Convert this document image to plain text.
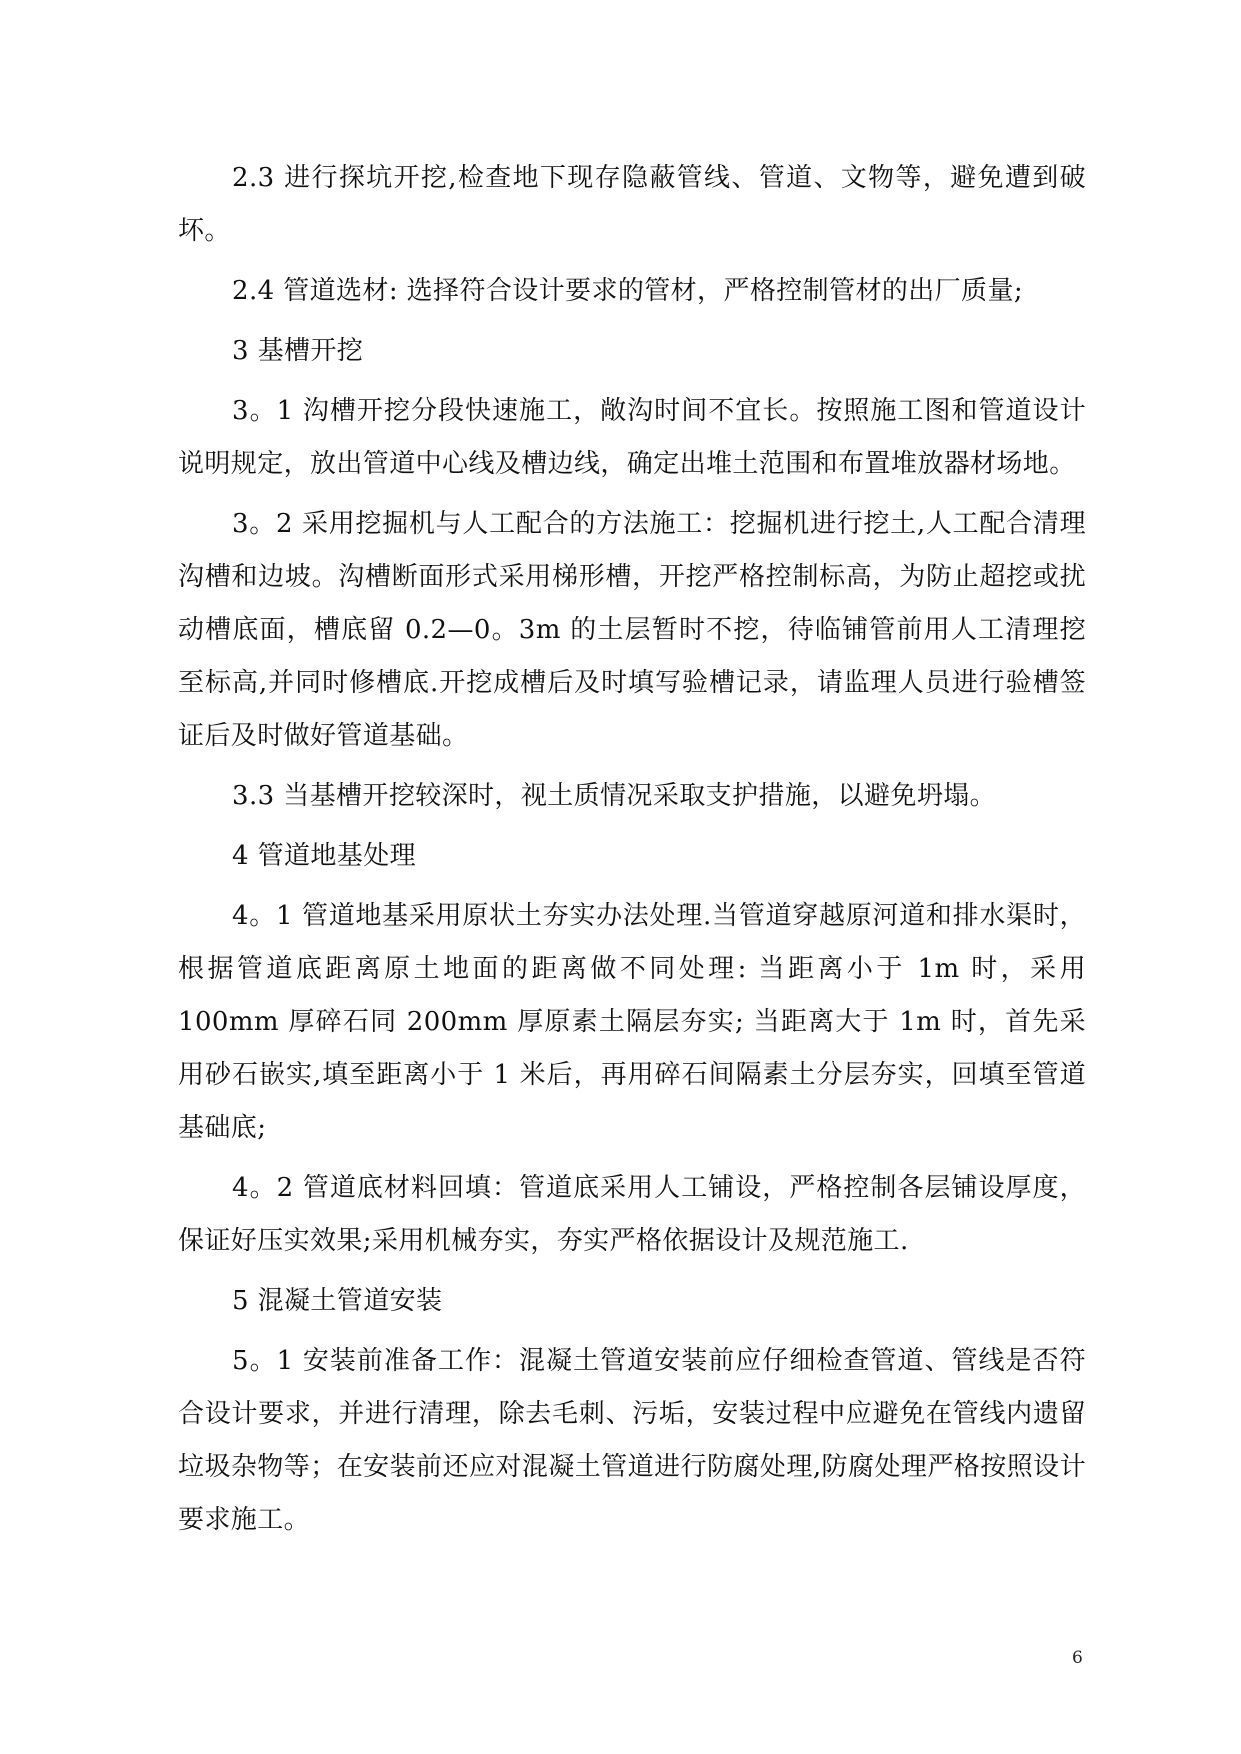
2.3 进行探坑开挖,检查地下现存隐蔽管线、管道、文物等，避免遭到破坏。

2.4 管道选材: 选择符合设计要求的管材，严格控制管材的出厂质量;

3 基槽开挖

3。1 沟槽开挖分段快速施工，敞沟时间不宜长。按照施工图和管道设计说明规定，放出管道中心线及槽边线，确定出堆土范围和布置堆放器材场地。

3。2 采用挖掘机与人工配合的方法施工：挖掘机进行挖土,人工配合清理沟槽和边坡。沟槽断面形式采用梯形槽，开挖严格控制标高，为防止超挖或扰动槽底面，槽底留 0.2—0。3m 的土层暂时不挖，待临铺管前用人工清理挖至标高,并同时修槽底.开挖成槽后及时填写验槽记录，请监理人员进行验槽签证后及时做好管道基础。

3.3 当基槽开挖较深时，视土质情况采取支护措施，以避免坍塌。

4 管道地基处理

4。1 管道地基采用原状土夯实办法处理.当管道穿越原河道和排水渠时，根据管道底距离原土地面的距离做不同处理: 当距离小于 1m 时，采用 100mm 厚碎石同 200mm 厚原素土隔层夯实; 当距离大于 1m 时，首先采用砂石嵌实,填至距离小于 1 米后，再用碎石间隔素土分层夯实，回填至管道基础底;

4。2 管道底材料回填：管道底采用人工铺设，严格控制各层铺设厚度，保证好压实效果;采用机械夯实，夯实严格依据设计及规范施工.

5 混凝土管道安装

5。1 安装前准备工作：混凝土管道安装前应仔细检查管道、管线是否符合设计要求，并进行清理，除去毛刺、污垢，安装过程中应避免在管线内遗留垃圾杂物等；在安装前还应对混凝土管道进行防腐处理,防腐处理严格按照设计要求施工。

6
